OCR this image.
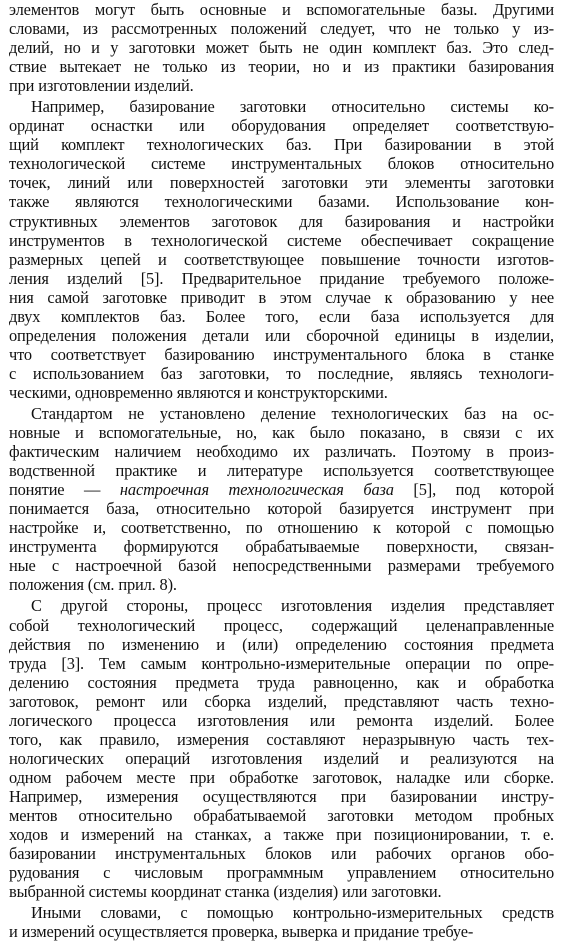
элементов могут быть основные и вспомогательные базы. Другими
словами, из рассмотренных положений следует, что не только у из-
делий, но и у заготовки может быть не один комплект баз. Это след-
ствие вытекает не только из теории, но и из практики базирования
при изготовлении изделий.
Например, базирование заготовки относительно системы ко-
ординат оснастки или оборудования определяет соответствую-
щий комплект технологических баз. При базировании в этой
технологической системе инструментальных блоков относительно
точек, линий или поверхностей заготовки эти элементы заготовки
также являются технологическими базами. Использование кон-
структивных элементов заготовок для базирования и настройки
инструментов в технологической системе обеспечивает сокращение
размерных цепей и соответствующее повышение точности изготов-
ления изделий [5]. Предварительное придание требуемого положе-
ния самой заготовке приводит в этом случае к образованию у нее
двух комплектов баз. Более того, если база используется для
определения положения детали или сборочной единицы в изделии,
что соответствует базированию инструментального блока в станке
с использованием баз заготовки, то последние, являясь технологи-
ческими, одновременно являются и конструкторскими.
Стандартом не установлено деление технологических баз на ос-
новные и вспомогательные, но, как было показано, в связи с их
фактическим наличием необходимо их различать. Поэтому в произ-
водственной практике и литературе используется соответствующее
понятие — настроечная технологическая база [5], под которой
понимается база, относительно которой базируется инструмент при
настройке и, соответственно, по отношению к которой с помощью
инструмента формируются обрабатываемые поверхности, связан-
ные с настроечной базой непосредственными размерами требуемого
положения (см. прил. 8).
С другой стороны, процесс изготовления изделия представляет
собой технологический процесс, содержащий целенаправленные
действия по изменению и (или) определению состояния предмета
труда [3]. Тем самым контрольно-измерительные операции по опре-
делению состояния предмета труда равноценно, как и обработка
заготовок, ремонт или сборка изделий, представляют часть техно-
логического процесса изготовления или ремонта изделий. Более
того, как правило, измерения составляют неразрывную часть тех-
нологических операций изготовления изделий и реализуются на
одном рабочем месте при обработке заготовок, наладке или сборке.
Например, измерения осуществляются при базировании инстру-
ментов относительно обрабатываемой заготовки методом пробных
ходов и измерений на станках, а также при позиционировании, т. е.
базировании инструментальных блоков или рабочих органов обо-
рудования с числовым программным управлением относительно
выбранной системы координат станка (изделия) или заготовки.
Иными словами, с помощью контрольно-измерительных средств
и измерений осуществляется проверка, выверка и придание требуе-
